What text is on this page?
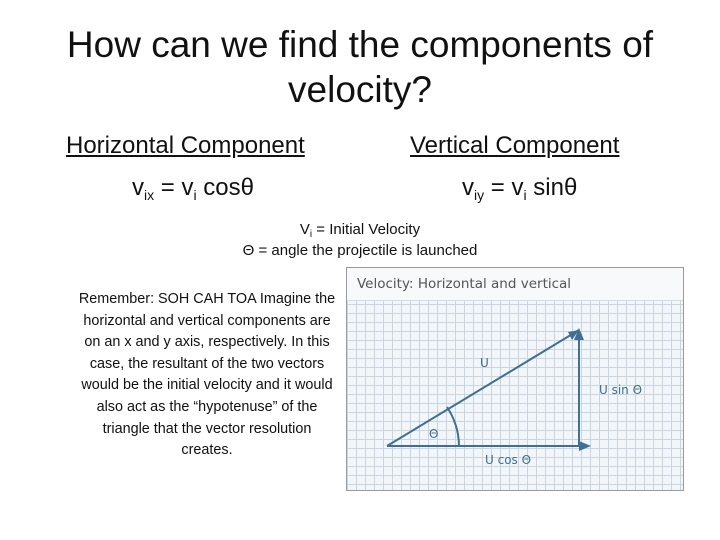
How can we find the components of velocity?
Horizontal Component
$v_{ix} = v_i$ cosθ
Vertical Component
$v_{iy} = v_i$ sinθ
$V_i$ = Initial Velocity
Θ = angle the projectile is launched
Remember: SOH CAH TOA Imagine the horizontal and vertical components are on an x and y axis, respectively. In this case, the resultant of the two vectors would be the initial velocity and it would also act as the “hypotenuse” of the triangle that the vector resolution creates.
Velocity: Horizontal and vertical
U
U sin Θ
U cos Θ
Θ
